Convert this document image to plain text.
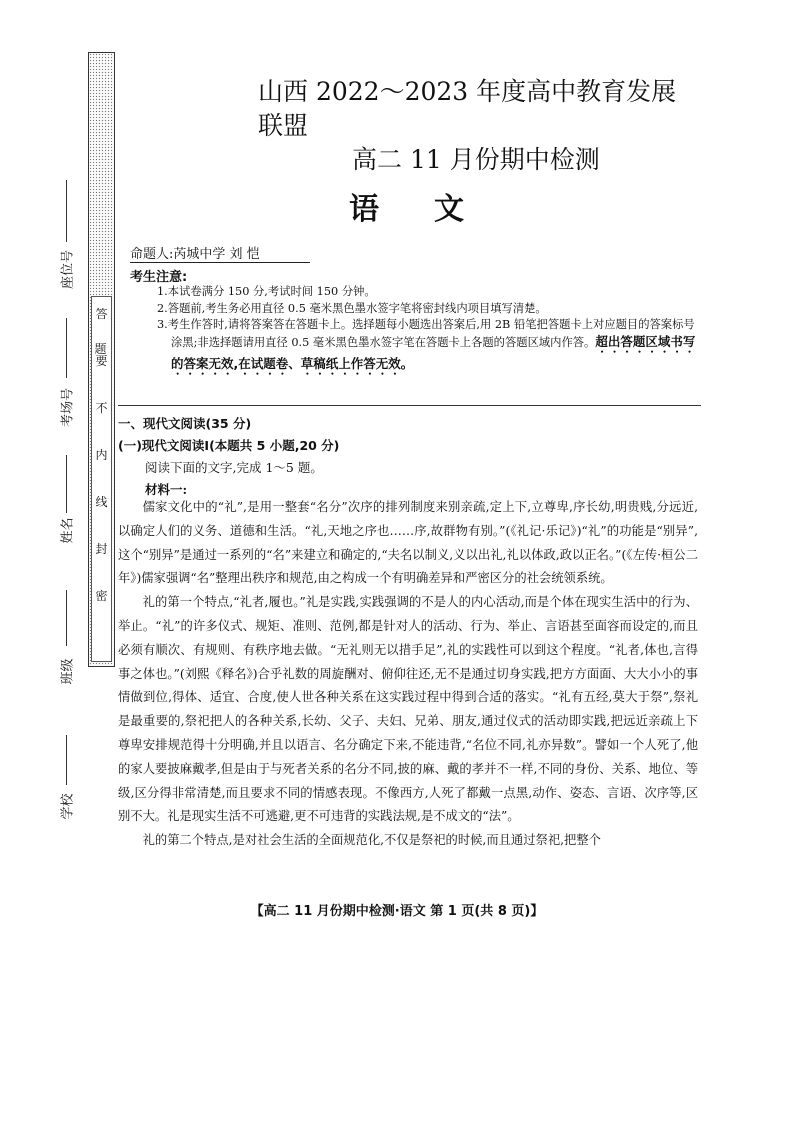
答
要
不
内
线
封
密
题
座位号
考场号
姓名
班级
学校
山西 2022～2023 年度高中教育发展联盟
高二 11 月份期中检测
语文
命题人:芮城中学 刘 恺
考生注意:
1.本试卷满分 150 分,考试时间 150 分钟。
2.答题前,考生务必用直径 0.5 毫米黑色墨水签字笔将密封线内项目填写清楚。
3.考生作答时,请将答案答在答题卡上。选择题每小题选出答案后,用 2B 铅笔把答题卡上对应题目的答案标号涂黑;非选择题请用直径 0.5 毫米黑色墨水签字笔在答题卡上各题的答题区域内作答。超出答题区域书写的答案无效,在试题卷、草稿纸上作答无效。
一、现代文阅读(35 分)
(一)现代文阅读Ⅰ(本题共 5 小题,20 分)
阅读下面的文字,完成 1～5 题。
材料一:

儒家文化中的“礼”,是用一整套“名分”次序的排列制度来别亲疏,定上下,立尊卑,序长幼,明贵贱,分远近,以确定人们的义务、道德和生活。“礼,天地之序也……序,故群物有别。”(《礼记·乐记》)“礼”的功能是“别异”,这个“别异”是通过一系列的“名”来建立和确定的,“夫名以制义,义以出礼,礼以体政,政以正名。”(《左传·桓公二年》)儒家强调“名”整理出秩序和规范,由之构成一个有明确差异和严密区分的社会统领系统。

礼的第一个特点,“礼者,履也。”礼是实践,实践强调的不是人的内心活动,而是个体在现实生活中的行为、举止。“礼”的许多仪式、规矩、准则、范例,都是针对人的活动、行为、举止、言语甚至面容而设定的,而且必须有顺次、有规则、有秩序地去做。“无礼则无以措手足”,礼的实践性可以到这个程度。“礼者,体也,言得事之体也。”(刘熙《释名》)合乎礼数的周旋酬对、俯仰往还,无不是通过切身实践,把方方面面、大大小小的事情做到位,得体、适宜、合度,使人世各种关系在这实践过程中得到合适的落实。“礼有五经,莫大于祭”,祭礼是最重要的,祭祀把人的各种关系,长幼、父子、夫妇、兄弟、朋友,通过仪式的活动即实践,把远近亲疏上下尊卑安排规范得十分明确,并且以语言、名分确定下来,不能违背,“名位不同,礼亦异数”。譬如一个人死了,他的家人要披麻戴孝,但是由于与死者关系的名分不同,披的麻、戴的孝并不一样,不同的身份、关系、地位、等级,区分得非常清楚,而且要求不同的情感表现。不像西方,人死了都戴一点黑,动作、姿态、言语、次序等,区别不大。礼是现实生活不可逃避,更不可违背的实践法规,是不成文的“法”。

礼的第二个特点,是对社会生活的全面规范化,不仅是祭祀的时候,而且通过祭祀,把整个

【高二 11 月份期中检测·语文 第 1 页(共 8 页)】
